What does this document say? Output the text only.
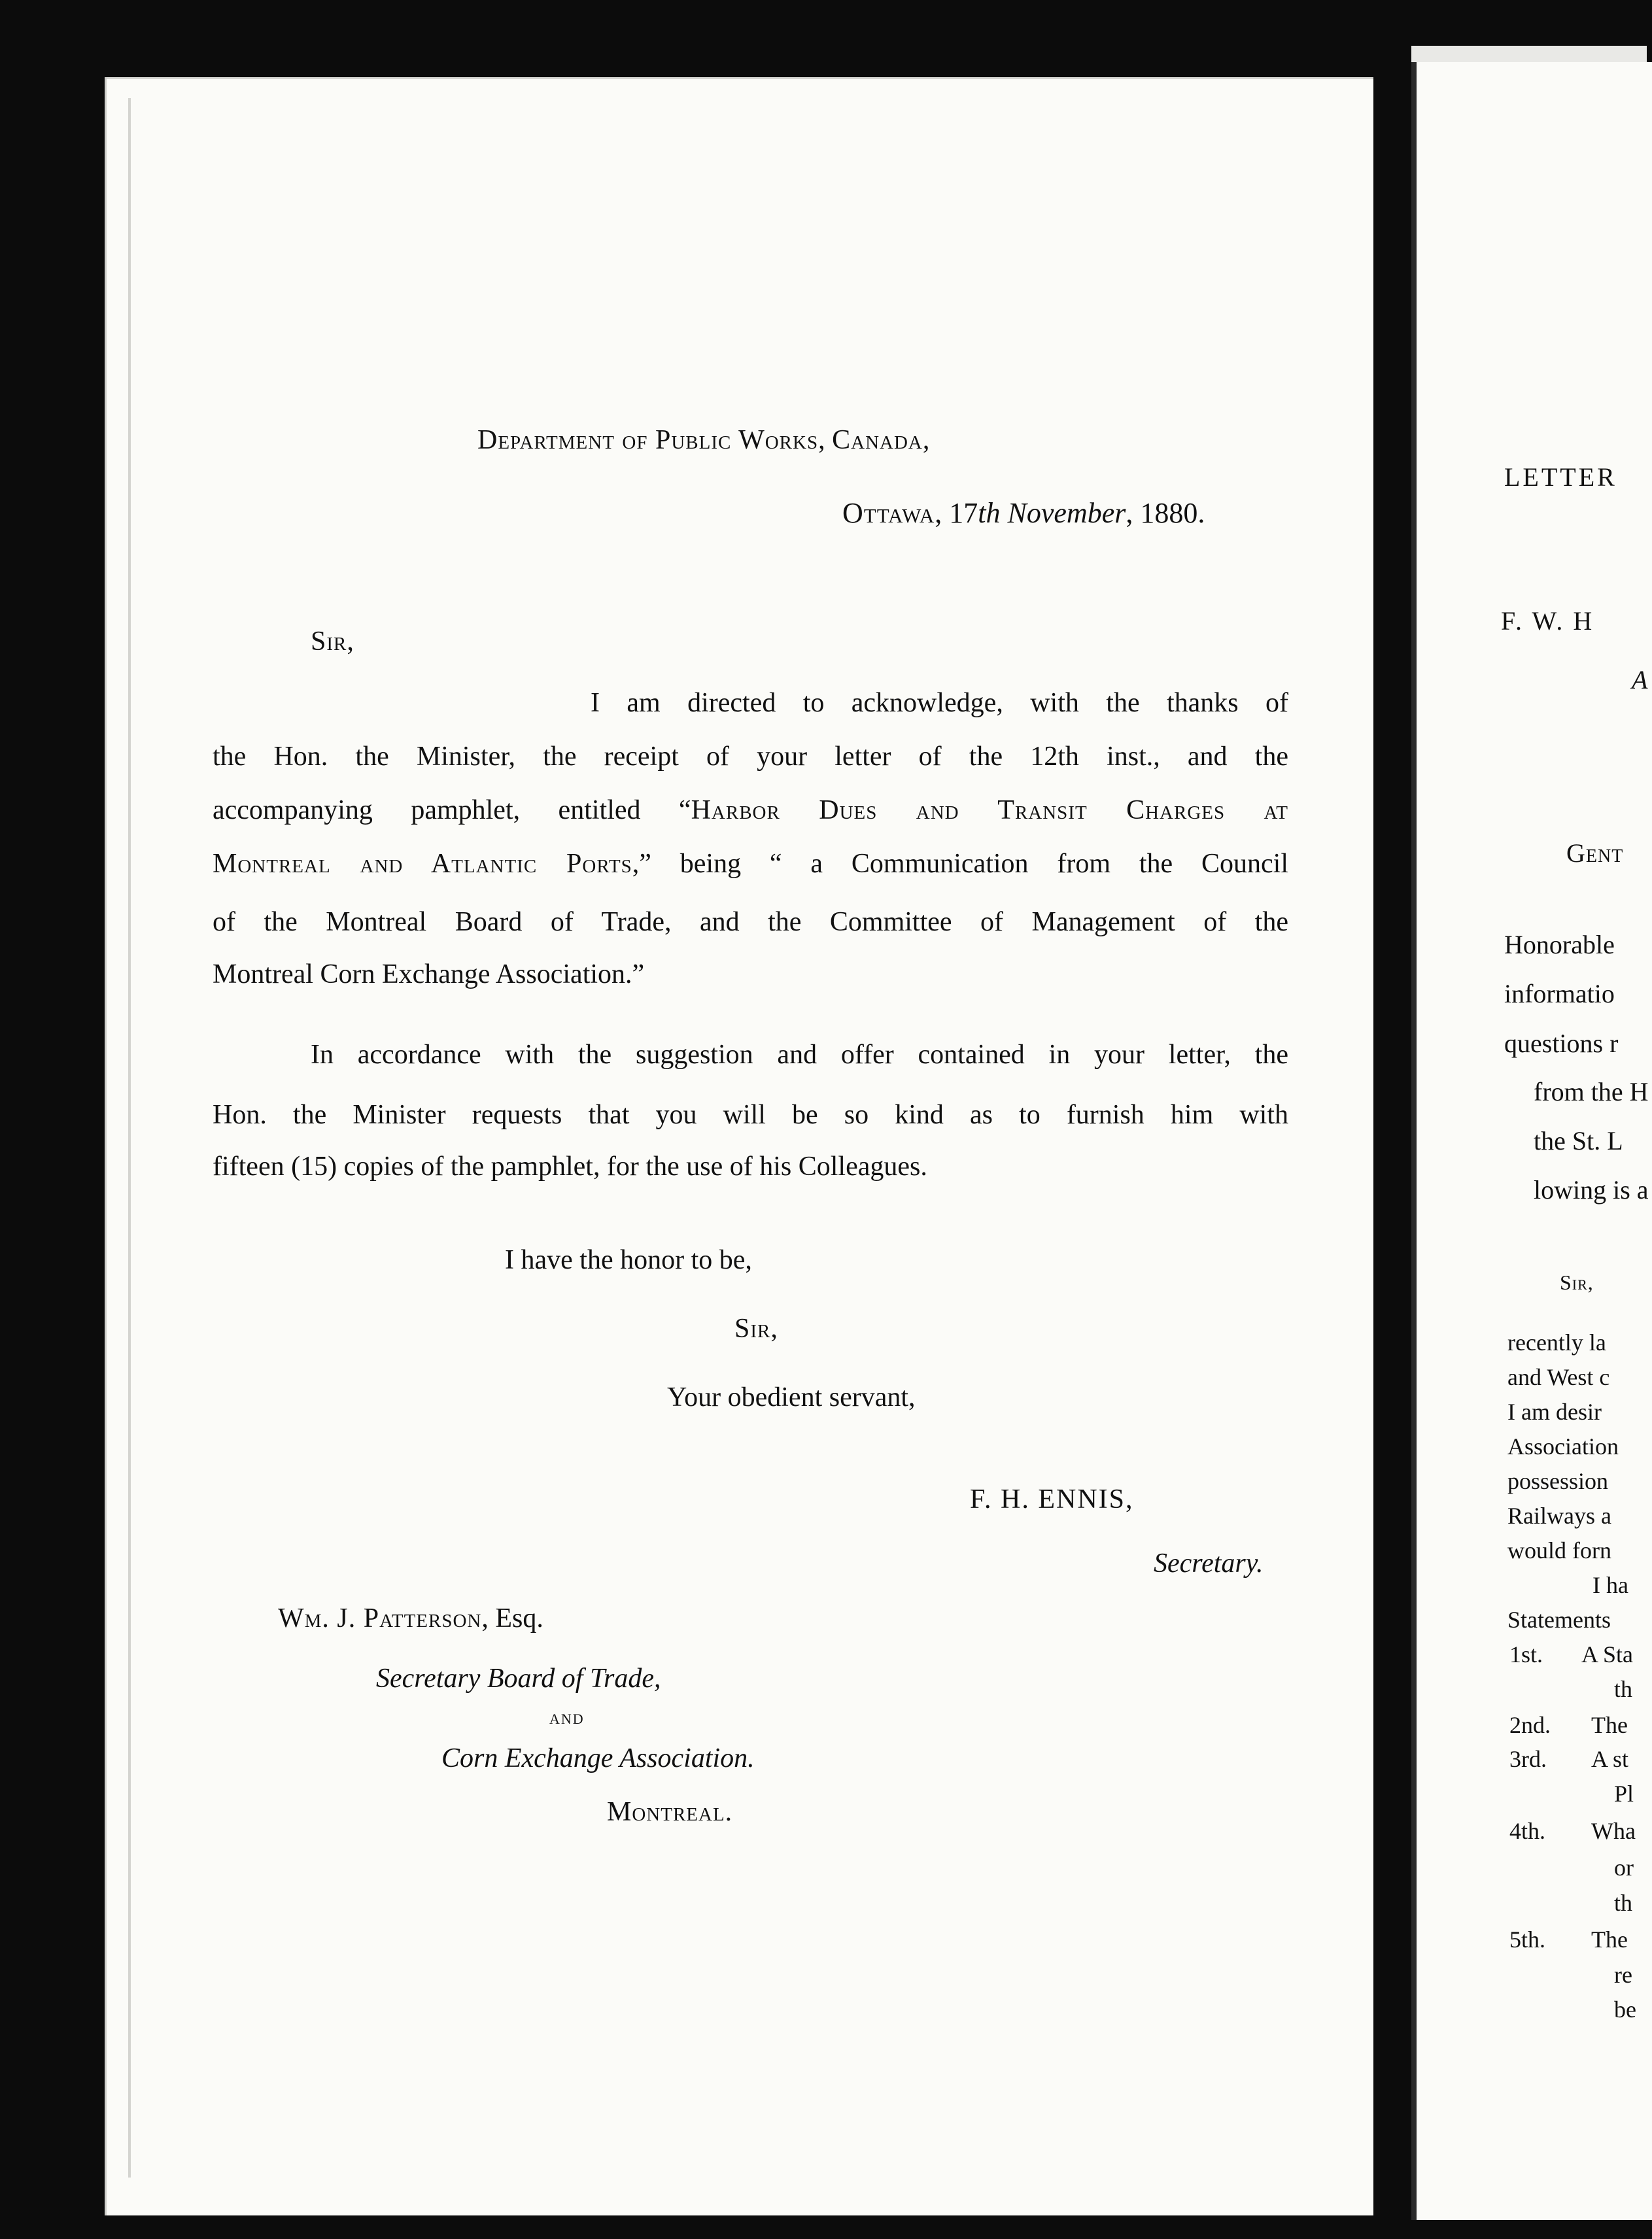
Department of Public Works, Canada,
Ottawa, 17th November, 1880.
Sir,
I am directed to acknowledge, with the thanks of
the Hon. the Minister, the receipt of your letter of the 12th inst., and the
accompanying pamphlet, entitled “Harbor Dues and Transit Charges at
Montreal and Atlantic Ports,” being “ a Communication from the Council
of the Montreal Board of Trade, and the Committee of Management of the
Montreal Corn Exchange Association.”
In accordance with the suggestion and offer contained in your letter, the
Hon. the Minister requests that you will be so kind as to furnish him with
fifteen (15) copies of the pamphlet, for the use of his Colleagues.
I have the honor to be,
Sir,
Your obedient servant,
F. H. ENNIS,
Secretary.
Wm. J. Patterson, Esq.
Secretary Board of Trade,
AND
Corn Exchange Association.
Montreal.
LETTER
F. W. H
A
Gent
Honorable
informatio
questions r
from the H
the St. L
lowing is a
Sir,
recently la
and West c
I am desir
Association
possession
Railways a
would forn
I ha
Statements
1st. A Sta
th
2nd. The
3rd. A st
Pl
4th. Wha
or
th
5th. The
re
be
